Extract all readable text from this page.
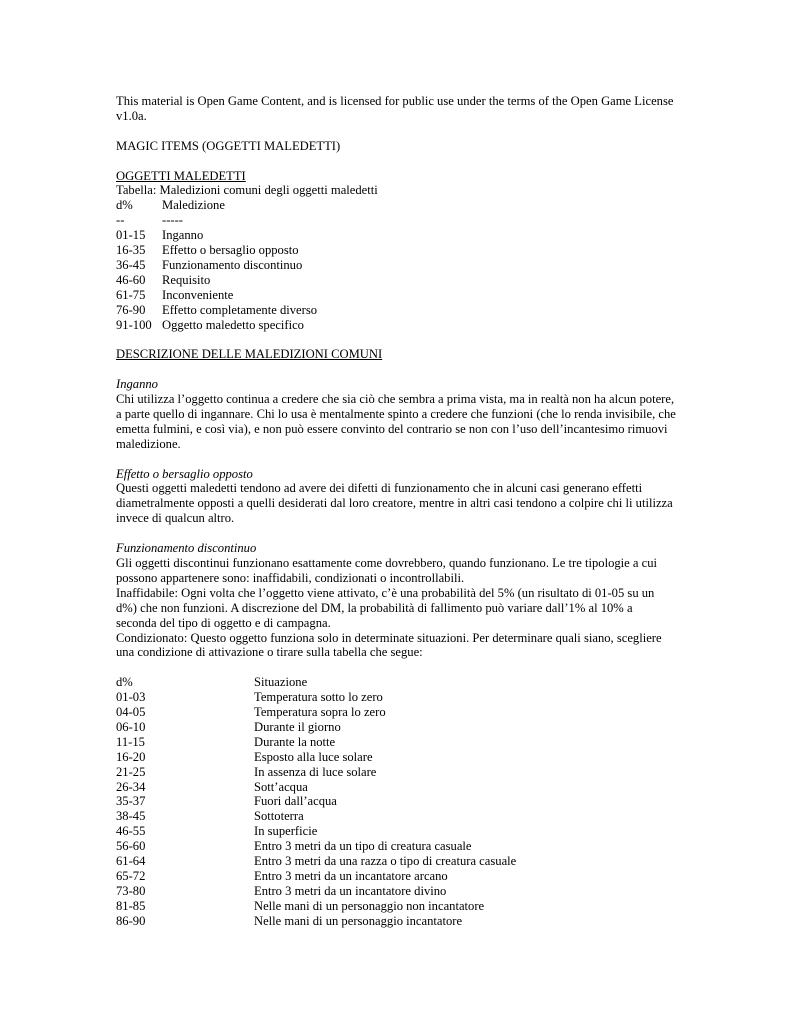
This material is Open Game Content, and is licensed for public use under the terms of the Open Game License v1.0a.

MAGIC ITEMS (OGGETTI MALEDETTI)

OGGETTI MALEDETTI

Tabella: Maledizioni comuni degli oggetti maledetti

d%	Maledizione
--	-----
01-15	Inganno
16-35	Effetto o bersaglio opposto
36-45	Funzionamento discontinuo
46-60	Requisito
61-75	Inconveniente
76-90	Effetto completamente diverso
91-100 Oggetto maledetto specifico

DESCRIZIONE DELLE MALEDIZIONI COMUNI

Inganno

Chi utilizza l’oggetto continua a credere che sia ciò che sembra a prima vista, ma in realtà non ha alcun potere, a parte quello di ingannare. Chi lo usa è mentalmente spinto a credere che funzioni (che lo renda invisibile, che emetta fulmini, e così via), e non può essere convinto del contrario se non con l’uso dell’incantesimo rimuovi maledizione.

Effetto o bersaglio opposto

Questi oggetti maledetti tendono ad avere dei difetti di funzionamento che in alcuni casi generano effetti diametralmente opposti a quelli desiderati dal loro creatore, mentre in altri casi tendono a colpire chi li utilizza invece di qualcun altro.

Funzionamento discontinuo

Gli oggetti discontinui funzionano esattamente come dovrebbero, quando funzionano. Le tre tipologie a cui possono appartenere sono: inaffidabili, condizionati o incontrollabili.

Inaffidabile: Ogni volta che l’oggetto viene attivato, c’è una probabilità del 5% (un risultato di 01-05 su un d%) che non funzioni. A discrezione del DM, la probabilità di fallimento può variare dall’1% al 10% a seconda del tipo di oggetto e di campagna.

Condizionato: Questo oggetto funziona solo in determinate situazioni. Per determinare quali siano, scegliere una condizione di attivazione o tirare sulla tabella che segue:

d%	Situazione
01-03	Temperatura sotto lo zero
04-05	Temperatura sopra lo zero
06-10	Durante il giorno
11-15	Durante la notte
16-20	Esposto alla luce solare
21-25	In assenza di luce solare
26-34	Sott’acqua
35-37	Fuori dall’acqua
38-45	Sottoterra
46-55	In superficie
56-60	Entro 3 metri da un tipo di creatura casuale
61-64	Entro 3 metri da una razza o tipo di creatura casuale
65-72	Entro 3 metri da un incantatore arcano
73-80	Entro 3 metri da un incantatore divino
81-85	Nelle mani di un personaggio non incantatore
86-90	Nelle mani di un personaggio incantatore
